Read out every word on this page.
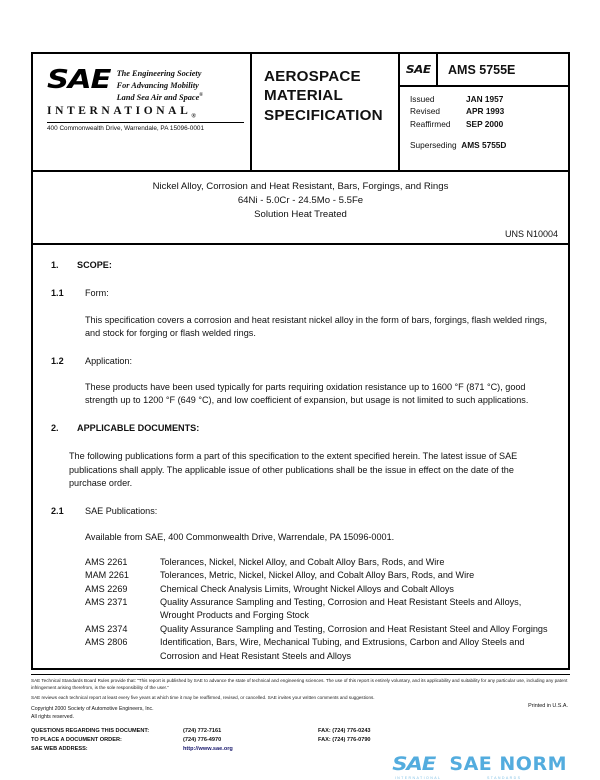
SAE The Engineering Society
For Advancing Mobility
Land Sea Air and Space®
$INTERNATIONAL_®$
400 Commonwealth Drive, Warrendale, PA 15096-0001
AEROSPACE
MATERIAL
SPECIFICATION
SAE	AMS 5755E
Issued	JAN 1957
Revised	APR 1993
Reaffirmed	SEP 2000
Superseding AMS 5755D
Nickel Alloy, Corrosion and Heat Resistant, Bars, Forgings, and Rings
64Ni - 5.0Cr - 24.5Mo - 5.5Fe
Solution Heat Treated
UNS N10004
1. SCOPE:
1.1 Form:
This specification covers a corrosion and heat resistant nickel alloy in the form of bars, forgings, flash welded rings, and stock for forging or flash welded rings.
1.2 Application:
These products have been used typically for parts requiring oxidation resistance up to 1600 °F (871 °C), good strength up to 1200 °F (649 °C), and low coefficient of expansion, but usage is not limited to such applications.
2. APPLICABLE DOCUMENTS:
The following publications form a part of this specification to the extent specified herein. The latest issue of SAE publications shall apply. The applicable issue of other publications shall be the issue in effect on the date of the purchase order.
2.1 SAE Publications:
Available from SAE, 400 Commonwealth Drive, Warrendale, PA 15096-0001.
AMS 2261	Tolerances, Nickel, Nickel Alloy, and Cobalt Alloy Bars, Rods, and Wire
MAM 2261	Tolerances, Metric, Nickel, Nickel Alloy, and Cobalt Alloy Bars, Rods, and Wire
AMS 2269	Chemical Check Analysis Limits, Wrought Nickel Alloys and Cobalt Alloys
AMS 2371	Quality Assurance Sampling and Testing, Corrosion and Heat Resistant Steels and Alloys, Wrought Products and Forging Stock
AMS 2374	Quality Assurance Sampling and Testing, Corrosion and Heat Resistant Steel and Alloy Forgings
AMS 2806	Identification, Bars, Wire, Mechanical Tubing, and Extrusions, Carbon and Alloy Steels and Corrosion and Heat Resistant Steels and Alloys

SAE Technical Standards Board Rules provide that: "This report is published by SAE to advance the state of technical and engineering sciences. The use of this report is entirely voluntary, and its applicability and suitability for any particular use, including any patent infringement arising therefrom, is the sole responsibility of the user."

SAE reviews each technical report at least every five years at which time it may be reaffirmed, revised, or cancelled. SAE invites your written comments and suggestions.

Copyright 2000 Society of Automotive Engineers, Inc.
All rights reserved.
Printed in U.S.A.
QUESTIONS REGARDING THIS DOCUMENT:	(724) 772-7161	FAX: (724) 776-0243
TO PLACE A DOCUMENT ORDER:	(724) 776-4970	FAX: (724) 776-0790
SAE WEB ADDRESS:	http://www.sae.org
SAE
INTERNATIONAL
SAE NORM
STANDARDS
